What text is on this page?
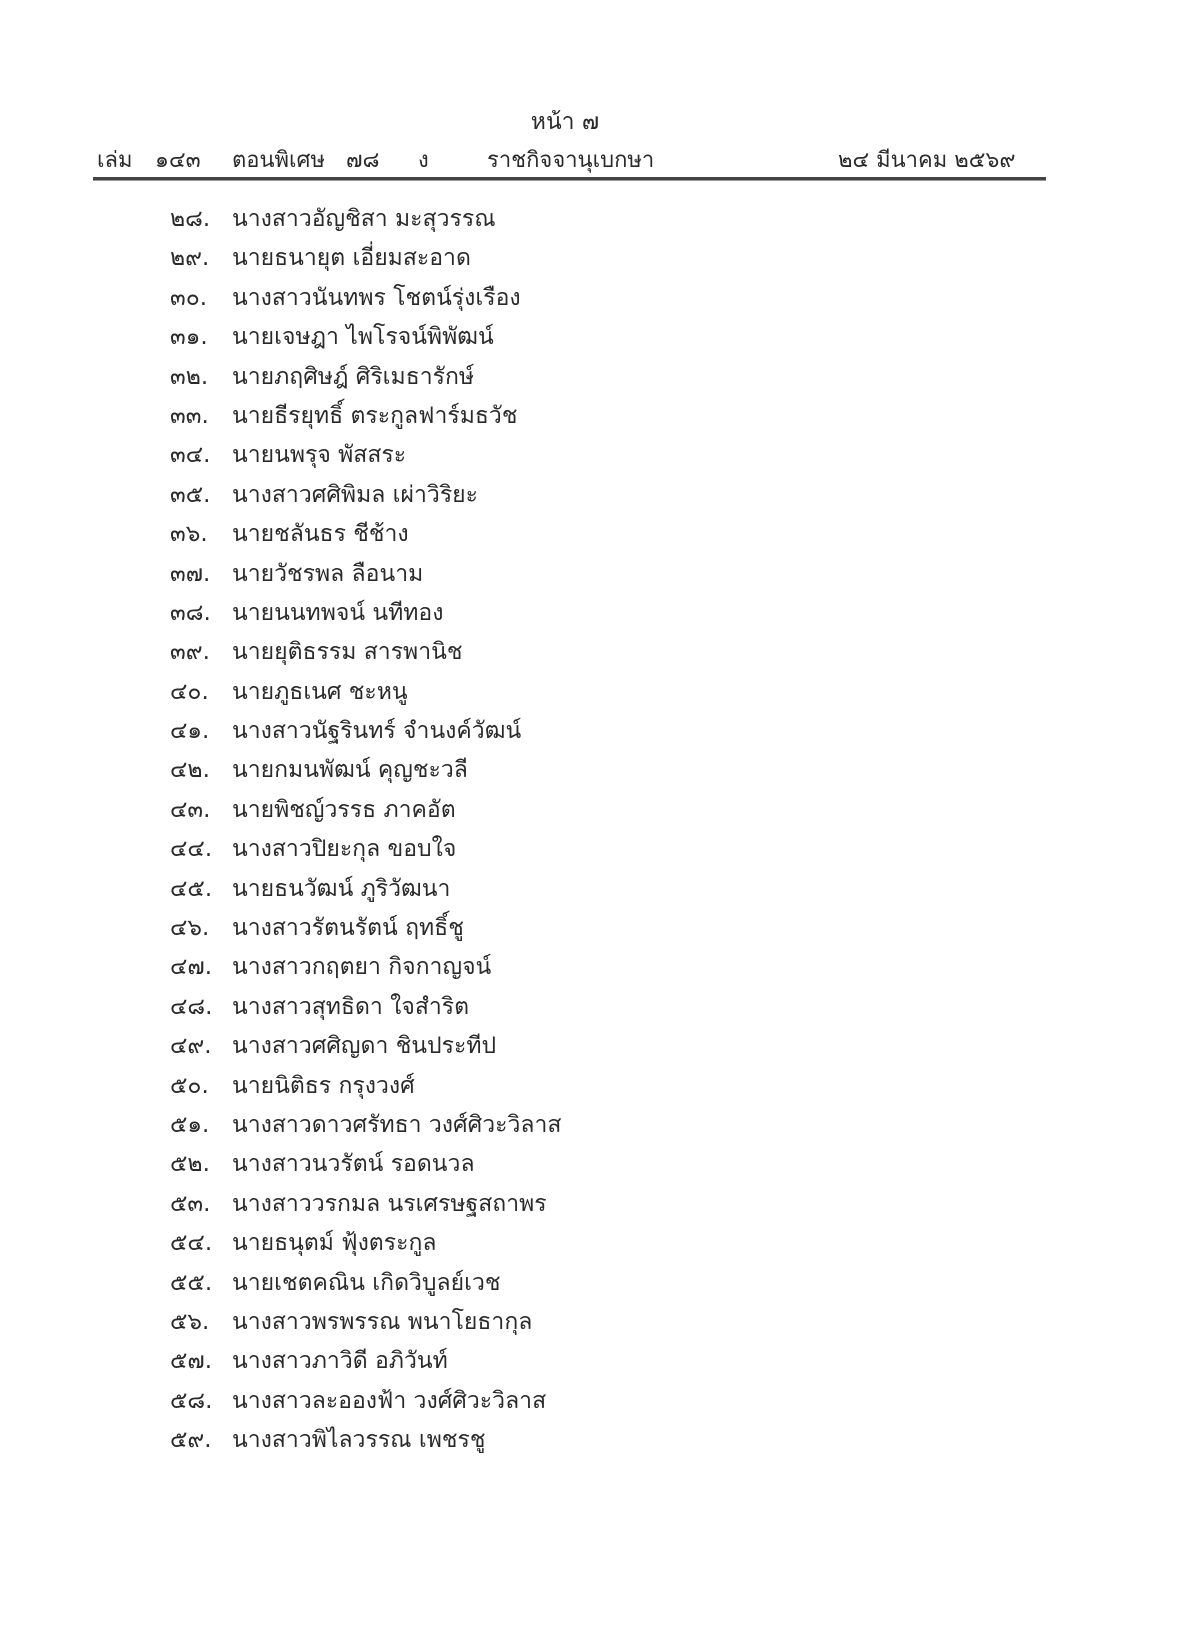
หน้า ๗
เล่ม ๑๔๓ ตอนพิเศษ ๗๘ ง	ราชกิจจานุเบกษา	๒๔ มีนาคม ๒๕๖๙
๒๘. นางสาวอัญชิสา มะสุวรรณ
๒๙. นายธนายุต เอี่ยมสะอาด
๓๐.	นางสาวนันทพร โชตน์รุ่งเรือง
๓๑.	นายเจษฎา ไพโรจน์พิพัฒน์
๓๒.	นายภฤศิษฎ์ ศิริเมธารักษ์
๓๓.	นายธีรยุทธิ์ ตระกูลฟาร์มธวัช
๓๔. นายนพรุจ พัสสระ
๓๕. นางสาวศศิพิมล เผ่าวิริยะ
๓๖.	นายชลันธร ชีช้าง
๓๗. นายวัชรพล ลือนาม
๓๘. นายนนทพจน์ นทีทอง
๓๙. นายยุติธรรม สารพานิช
๔๐.	นายภูธเนศ ชะหนู
๔๑. นางสาวนัฐรินทร์ จำนงค์วัฒน์
๔๒. นายกมนพัฒน์ คุญชะวลี
๔๓. นายพิชญ์วรรธ ภาคอัต
๔๔. นางสาวปิยะกุล ขอบใจ
๔๕. นายธนวัฒน์ ภูริวัฒนา
๔๖. นางสาวรัตนรัตน์ ฤทธิ์ชู
๔๗. นางสาวกฤตยา กิจกาญจน์
๔๘. นางสาวสุทธิดา ใจสำริต
๔๙. นางสาวศศิญดา ชินประทีป
๕๐.	นายนิติธร กรุงวงศ์
๕๑. นางสาวดาวศรัทธา วงศ์ศิวะวิลาส
๕๒. นางสาวนวรัตน์ รอดนวล
๕๓. นางสาววรกมล นรเศรษฐสถาพร
๕๔. นายธนุตม์ ฟุ้งตระกูล
๕๕. นายเชตคณิน เกิดวิบูลย์เวช
๕๖. นางสาวพรพรรณ พนาโยธากุล
๕๗. นางสาวภาวิดี อภิวันท์
๕๘. นางสาวละอองฟ้า วงศ์ศิวะวิลาส
๕๙. นางสาวพิไลวรรณ เพชรชู
